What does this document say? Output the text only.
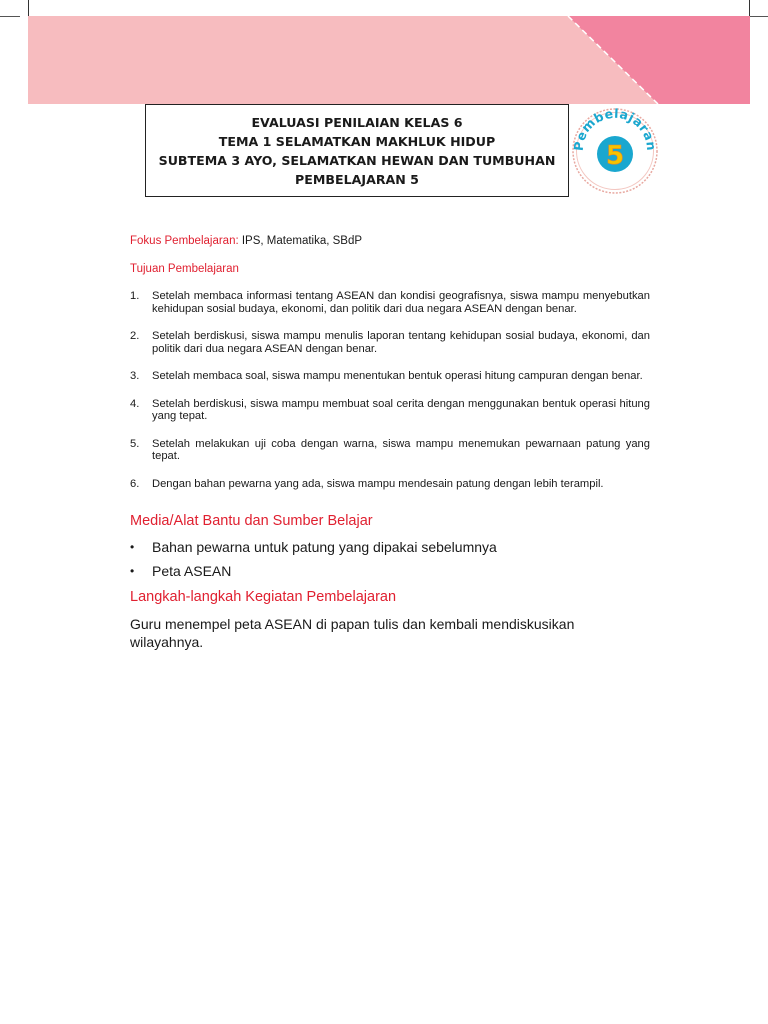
EVALUASI PENILAIAN KELAS 6
TEMA 1 SELAMATKAN MAKHLUK HIDUP
SUBTEMA 3 AYO, SELAMATKAN HEWAN DAN TUMBUHAN
PEMBELAJARAN 5
Pembelajaran
5

Fokus Pembelajaran: IPS, Matematika, SBdP

Tujuan Pembelajaran

1. Setelah membaca informasi tentang ASEAN dan kondisi geografisnya, siswa mampu menyebutkan kehidupan sosial budaya, ekonomi, dan politik dari dua negara ASEAN dengan benar.
2. Setelah berdiskusi, siswa mampu menulis laporan tentang kehidupan sosial budaya, ekonomi, dan politik dari dua negara ASEAN dengan benar.
3. Setelah membaca soal, siswa mampu menentukan bentuk operasi hitung campuran dengan benar.
4. Setelah berdiskusi, siswa mampu membuat soal cerita dengan menggunakan bentuk operasi hitung yang tepat.
5. Setelah melakukan uji coba dengan warna, siswa mampu menemukan pewarnaan patung yang tepat.
6. Dengan bahan pewarna yang ada, siswa mampu mendesain patung dengan lebih terampil.

Media/Alat Bantu dan Sumber Belajar

• Bahan pewarna untuk patung yang dipakai sebelumnya
• Peta ASEAN

Langkah-langkah Kegiatan Pembelajaran

Guru menempel peta ASEAN di papan tulis dan kembali mendiskusikan wilayahnya.
